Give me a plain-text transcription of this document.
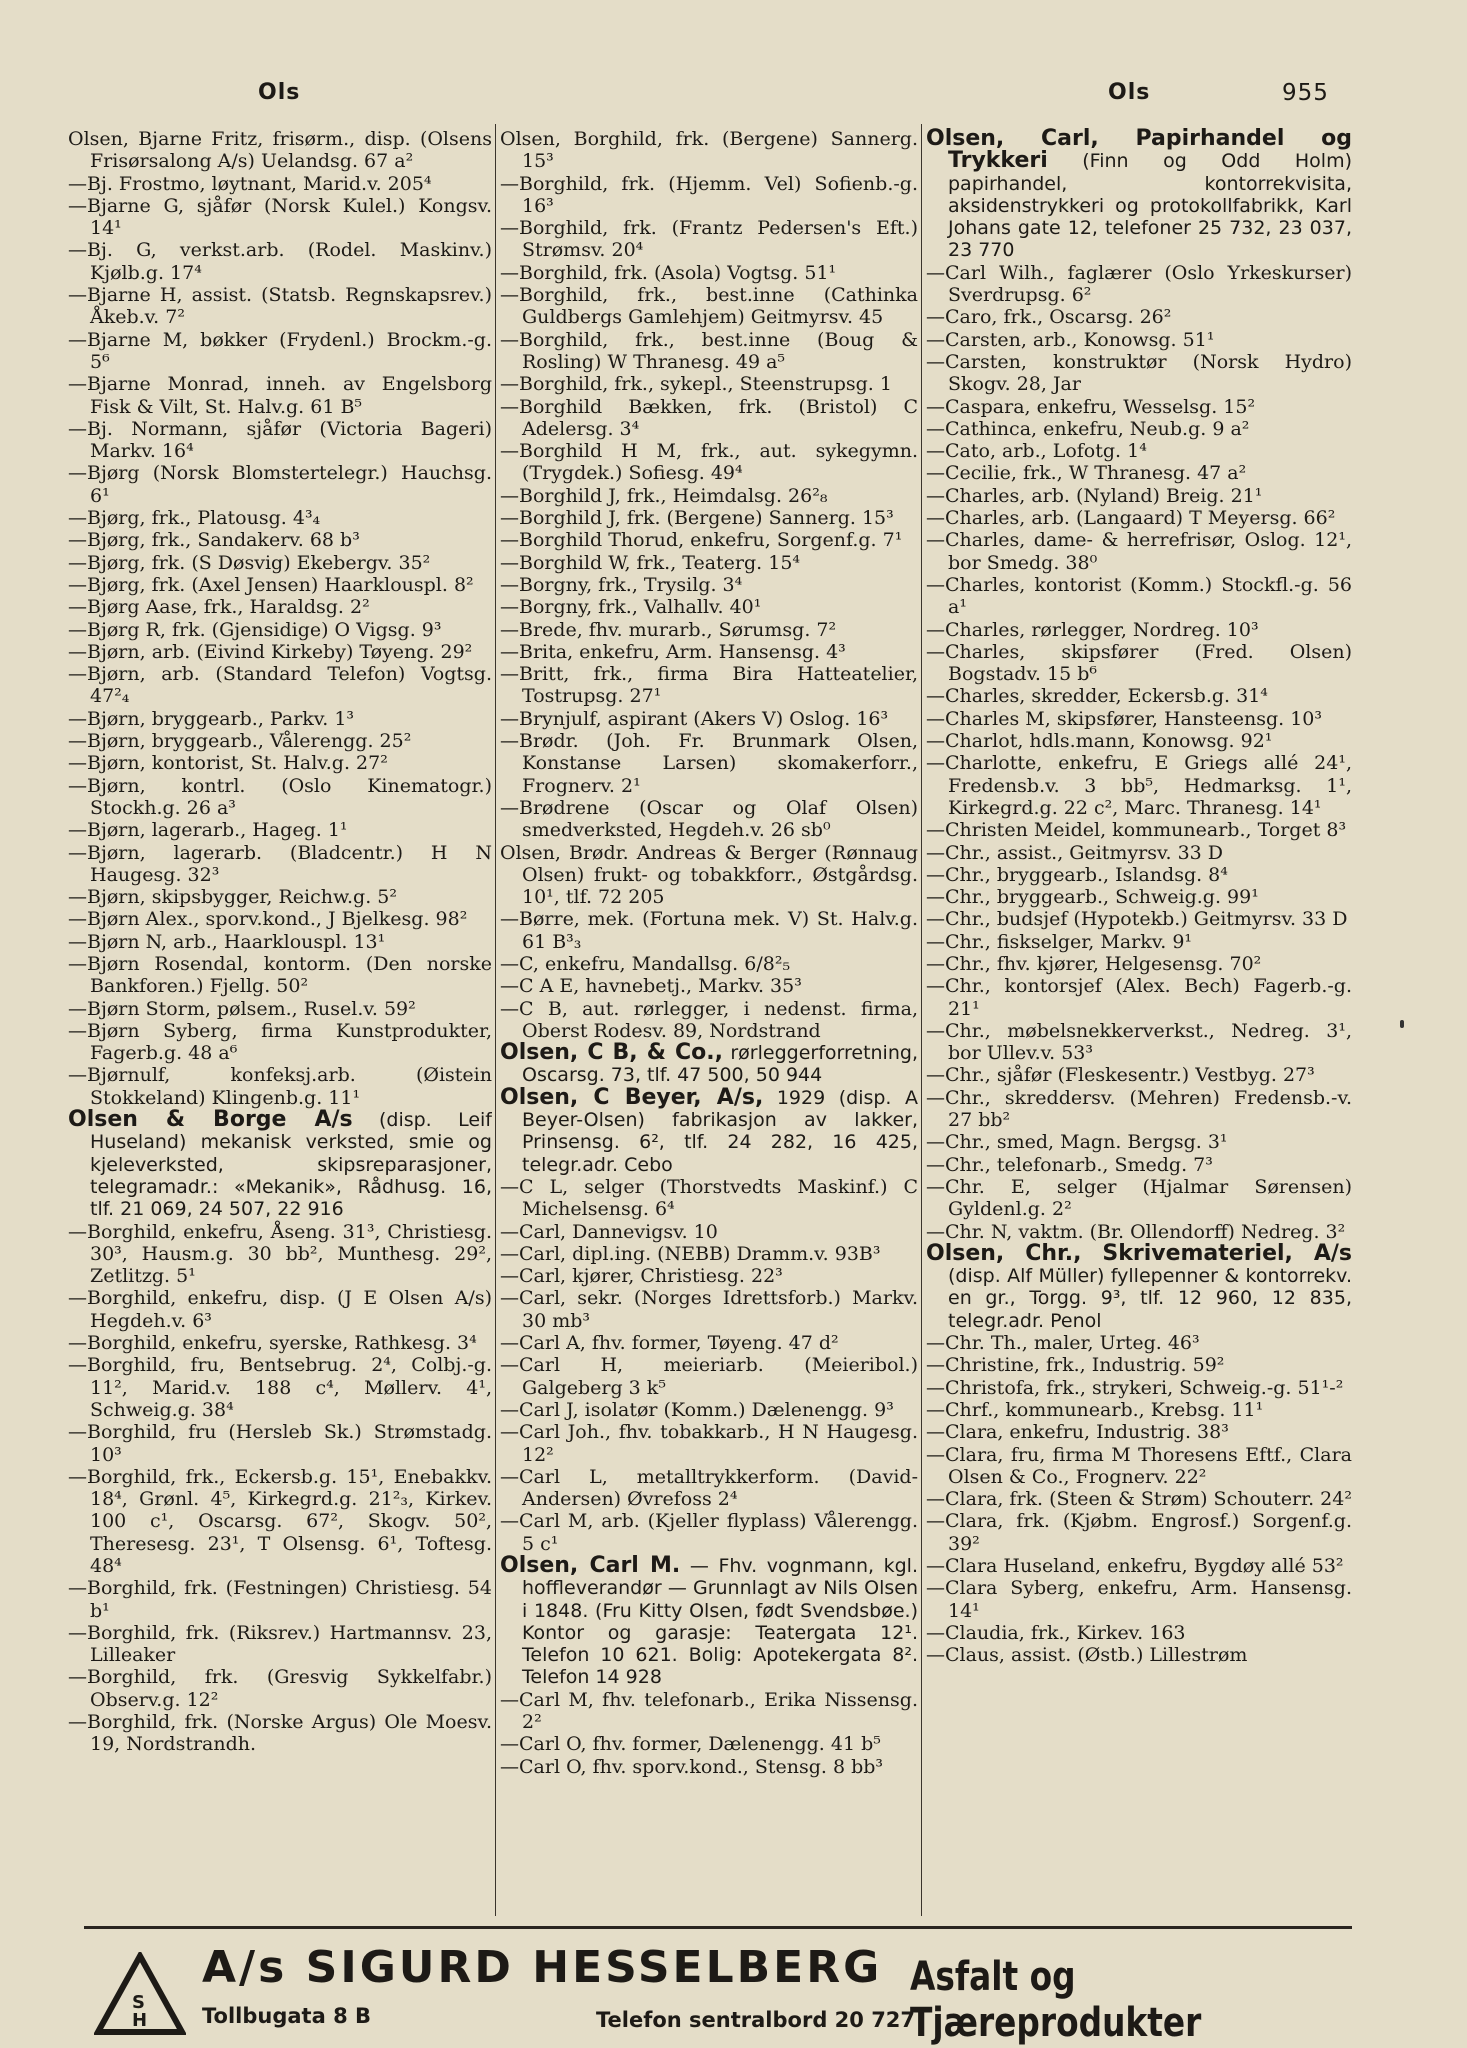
Ols	Ols	955

Olsen, Bjarne Fritz, frisørm., disp. (Olsens Frisørsalong A/s) Uelandsg. 67 a²

—Bj. Frostmo, løytnant, Marid.v. 205⁴

—Bjarne G, sjåfør (Norsk Kulel.) Kongsv. 14¹

—Bj. G, verkst.arb. (Rodel. Maskinv.) Kjølb.g. 17⁴

—Bjarne H, assist. (Statsb. Regnskapsrev.) Åkeb.v. 7²

—Bjarne M, bøkker (Frydenl.) Brockm.-g. 5⁶

—Bjarne Monrad, inneh. av Engelsborg Fisk & Vilt, St. Halv.g. 61 B⁵

—Bj. Normann, sjåfør (Victoria Bageri) Markv. 16⁴

—Bjørg (Norsk Blomstertelegr.) Hauchsg. 6¹

—Bjørg, frk., Platousg. 4³₄

—Bjørg, frk., Sandakerv. 68 b³

—Bjørg, frk. (S Døsvig) Ekebergv. 35²

—Bjørg, frk. (Axel Jensen) Haarklouspl. 8²

—Bjørg Aase, frk., Haraldsg. 2²

—Bjørg R, frk. (Gjensidige) O Vigsg. 9³

—Bjørn, arb. (Eivind Kirkeby) Tøyeng. 29²

—Bjørn, arb. (Standard Telefon) Vogtsg. 47²₄

—Bjørn, bryggearb., Parkv. 1³

—Bjørn, bryggearb., Vålerengg. 25²

—Bjørn, kontorist, St. Halv.g. 27²

—Bjørn, kontrl. (Oslo Kinematogr.) Stockh.g. 26 a³

—Bjørn, lagerarb., Hageg. 1¹

—Bjørn, lagerarb. (Bladcentr.) H N Haugesg. 32³

—Bjørn, skipsbygger, Reichw.g. 5²

—Bjørn Alex., sporv.kond., J Bjelkesg. 98²

—Bjørn N, arb., Haarklouspl. 13¹

—Bjørn Rosendal, kontorm. (Den norske Bankforen.) Fjellg. 50²

—Bjørn Storm, pølsem., Rusel.v. 59²

—Bjørn Syberg, firma Kunstprodukter, Fagerb.g. 48 a⁶

—Bjørnulf, konfeksj.arb. (Øistein Stokkeland) Klingenb.g. 11¹

Olsen & Borge A/s (disp. Leif Huseland) mekanisk verksted, smie og kjeleverksted, skipsreparasjoner, telegramadr.: «Mekanik», Rådhusg. 16, tlf. 21 069, 24 507, 22 916

—Borghild, enkefru, Åseng. 31³, Christiesg. 30³, Hausm.g. 30 bb², Munthesg. 29², Zetlitzg. 5¹

—Borghild, enkefru, disp. (J E Olsen A/s) Hegdeh.v. 6³

—Borghild, enkefru, syerske, Rathkesg. 3⁴

—Borghild, fru, Bentsebrug. 2⁴, Colbj.-g. 11², Marid.v. 188 c⁴, Møllerv. 4¹, Schweig.g. 38⁴

—Borghild, fru (Hersleb Sk.) Strømstadg. 10³

—Borghild, frk., Eckersb.g. 15¹, Enebakkv. 18⁴, Grønl. 4⁵, Kirkegrd.g. 21²₃, Kirkev. 100 c¹, Oscarsg. 67², Skogv. 50², Theresesg. 23¹, T Olsensg. 6¹, Toftesg. 48⁴

—Borghild, frk. (Festningen) Christiesg. 54 b¹

—Borghild, frk. (Riksrev.) Hartmannsv. 23, Lilleaker

—Borghild, frk. (Gresvig Sykkelfabr.) Observ.g. 12²

—Borghild, frk. (Norske Argus) Ole Moesv. 19, Nordstrandh.

Olsen, Borghild, frk. (Bergene) Sannerg. 15³

—Borghild, frk. (Hjemm. Vel) Sofienb.-g. 16³

—Borghild, frk. (Frantz Pedersen's Eft.) Strømsv. 20⁴

—Borghild, frk. (Asola) Vogtsg. 51¹

—Borghild, frk., best.inne (Cathinka Guldbergs Gamlehjem) Geitmyrsv. 45

—Borghild, frk., best.inne (Boug & Rosling) W Thranesg. 49 a⁵

—Borghild, frk., sykepl., Steenstrupsg. 1

—Borghild Bækken, frk. (Bristol) C Adelersg. 3⁴

—Borghild H M, frk., aut. sykegymn. (Trygdek.) Sofiesg. 49⁴

—Borghild J, frk., Heimdalsg. 26²₈

—Borghild J, frk. (Bergene) Sannerg. 15³

—Borghild Thorud, enkefru, Sorgenf.g. 7¹

—Borghild W, frk., Teaterg. 15⁴

—Borgny, frk., Trysilg. 3⁴

—Borgny, frk., Valhallv. 40¹

—Brede, fhv. murarb., Sørumsg. 7²

—Brita, enkefru, Arm. Hansensg. 4³

—Britt, frk., firma Bira Hatteatelier, Tostrupsg. 27¹

—Brynjulf, aspirant (Akers V) Oslog. 16³

—Brødr. (Joh. Fr. Brunmark Olsen, Konstanse Larsen) skomakerforr., Frognerv. 2¹

—Brødrene (Oscar og Olaf Olsen) smedverksted, Hegdeh.v. 26 sb⁰

Olsen, Brødr. Andreas & Berger (Rønnaug Olsen) frukt- og tobakkforr., Østgårdsg. 10¹, tlf. 72 205

—Børre, mek. (Fortuna mek. V) St. Halv.g. 61 B³₃

—C, enkefru, Mandallsg. 6/8²₅

—C A E, havnebetj., Markv. 35³

—C B, aut. rørlegger, i nedenst. firma, Oberst Rodesv. 89, Nordstrand

Olsen, C B, & Co., rørleggerforretning, Oscarsg. 73, tlf. 47 500, 50 944

Olsen, C Beyer, A/s, 1929 (disp. A Beyer-Olsen) fabrikasjon av lakker, Prinsensg. 6², tlf. 24 282, 16 425, telegr.adr. Cebo

—C L, selger (Thorstvedts Maskinf.) C Michelsensg. 6⁴

—Carl, Dannevigsv. 10

—Carl, dipl.ing. (NEBB) Dramm.v. 93B³

—Carl, kjører, Christiesg. 22³

—Carl, sekr. (Norges Idrettsforb.) Markv. 30 mb³

—Carl A, fhv. former, Tøyeng. 47 d²

—Carl H, meieriarb. (Meieribol.) Galgeberg 3 k⁵

—Carl J, isolatør (Komm.) Dælenengg. 9³

—Carl Joh., fhv. tobakkarb., H N Haugesg. 12²

—Carl L, metalltrykkerform. (David-Andersen) Øvrefoss 2⁴

—Carl M, arb. (Kjeller flyplass) Vålerengg. 5 c¹

Olsen, Carl M. — Fhv. vognmann, kgl. hoffleverandør — Grunnlagt av Nils Olsen i 1848. (Fru Kitty Olsen, født Svendsbøe.) Kontor og garasje: Teatergata 12¹. Telefon 10 621. Bolig: Apotekergata 8². Telefon 14 928

—Carl M, fhv. telefonarb., Erika Nissensg. 2²

—Carl O, fhv. former, Dælenengg. 41 b⁵

—Carl O, fhv. sporv.kond., Stensg. 8 bb³

Olsen, Carl, Papirhandel og Trykkeri (Finn og Odd Holm) papirhandel, kontorrekvisita, aksidenstrykkeri og protokollfabrikk, Karl Johans gate 12, telefoner 25 732, 23 037, 23 770

—Carl Wilh., faglærer (Oslo Yrkeskurser) Sverdrupsg. 6²

—Caro, frk., Oscarsg. 26²

—Carsten, arb., Konowsg. 51¹

—Carsten, konstruktør (Norsk Hydro) Skogv. 28, Jar

—Caspara, enkefru, Wesselsg. 15²

—Cathinca, enkefru, Neub.g. 9 a²

—Cato, arb., Lofotg. 1⁴

—Cecilie, frk., W Thranesg. 47 a²

—Charles, arb. (Nyland) Breig. 21¹

—Charles, arb. (Langaard) T Meyersg. 66²

—Charles, dame- & herrefrisør, Oslog. 12¹, bor Smedg. 38⁰

—Charles, kontorist (Komm.) Stockfl.-g. 56 a¹

—Charles, rørlegger, Nordreg. 10³

—Charles, skipsfører (Fred. Olsen) Bogstadv. 15 b⁶

—Charles, skredder, Eckersb.g. 31⁴

—Charles M, skipsfører, Hansteensg. 10³

—Charlot, hdls.mann, Konowsg. 92¹

—Charlotte, enkefru, E Griegs allé 24¹, Fredensb.v. 3 bb⁵, Hedmarksg. 1¹, Kirkegrd.g. 22 c², Marc. Thranesg. 14¹

—Christen Meidel, kommunearb., Torget 8³

—Chr., assist., Geitmyrsv. 33 D

—Chr., bryggearb., Islandsg. 8⁴

—Chr., bryggearb., Schweig.g. 99¹

—Chr., budsjef (Hypotekb.) Geitmyrsv. 33 D

—Chr., fiskselger, Markv. 9¹

—Chr., fhv. kjører, Helgesensg. 70²

—Chr., kontorsjef (Alex. Bech) Fagerb.-g. 21¹

—Chr., møbelsnekkerverkst., Nedreg. 3¹, bor Ullev.v. 53³

—Chr., sjåfør (Fleskesentr.) Vestbyg. 27³

—Chr., skreddersv. (Mehren) Fredensb.-v. 27 bb²

—Chr., smed, Magn. Bergsg. 3¹

—Chr., telefonarb., Smedg. 7³

—Chr. E, selger (Hjalmar Sørensen) Gyldenl.g. 2²

—Chr. N, vaktm. (Br. Ollendorff) Nedreg. 3²

Olsen, Chr., Skrivemateriel, A/s (disp. Alf Müller) fyllepenner & kontorrekv. en gr., Torgg. 9³, tlf. 12 960, 12 835, telegr.adr. Penol

—Chr. Th., maler, Urteg. 46³

—Christine, frk., Industrig. 59²

—Christofa, frk., strykeri, Schweig.-g. 51¹-²

—Chrf., kommunearb., Krebsg. 11¹

—Clara, enkefru, Industrig. 38³

—Clara, fru, firma M Thoresens Eftf., Clara Olsen & Co., Frognerv. 22²

—Clara, frk. (Steen & Strøm) Schouterr. 24²

—Clara, frk. (Kjøbm. Engrosf.) Sorgenf.g. 39²

—Clara Huseland, enkefru, Bygdøy allé 53²

—Clara Syberg, enkefru, Arm. Hansensg. 14¹

—Claudia, frk., Kirkev. 163

—Claus, assist. (Østb.) Lillestrøm

S
H
A/s SIGURD HESSELBERG
Tollbugata 8 B	Telefon sentralbord 20 727
Asfalt og Tjæreprodukter
